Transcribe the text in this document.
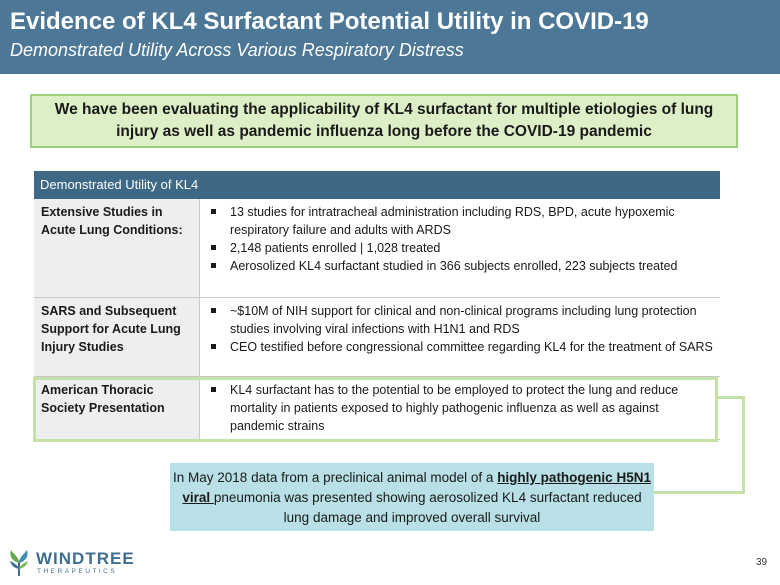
Evidence of KL4 Surfactant Potential Utility in COVID-19
Demonstrated Utility Across Various Respiratory Distress
We have been evaluating the applicability of KL4 surfactant for multiple etiologies of lung injury as well as pandemic influenza long before the COVID-19 pandemic
Demonstrated Utility of KL4
Extensive Studies in Acute Lung Conditions:
13 studies for intratracheal administration including RDS, BPD, acute hypoxemic respiratory failure and adults with ARDS
2,148 patients enrolled | 1,028 treated
Aerosolized KL4 surfactant studied in 366 subjects enrolled, 223 subjects treated
SARS and Subsequent Support for Acute Lung Injury Studies
~$10M of NIH support for clinical and non-clinical programs including lung protection studies involving viral infections with H1N1 and RDS
CEO testified before congressional committee regarding KL4 for the treatment of SARS
American Thoracic Society Presentation
KL4 surfactant has to the potential to be employed to protect the lung and reduce mortality in patients exposed to highly pathogenic influenza as well as against pandemic strains
In May 2018 data from a preclinical animal model of a highly pathogenic H5N1 viral pneumonia was presented showing aerosolized KL4 surfactant reduced lung damage and improved overall survival
WINDTREE
THERAPEUTICS
39
